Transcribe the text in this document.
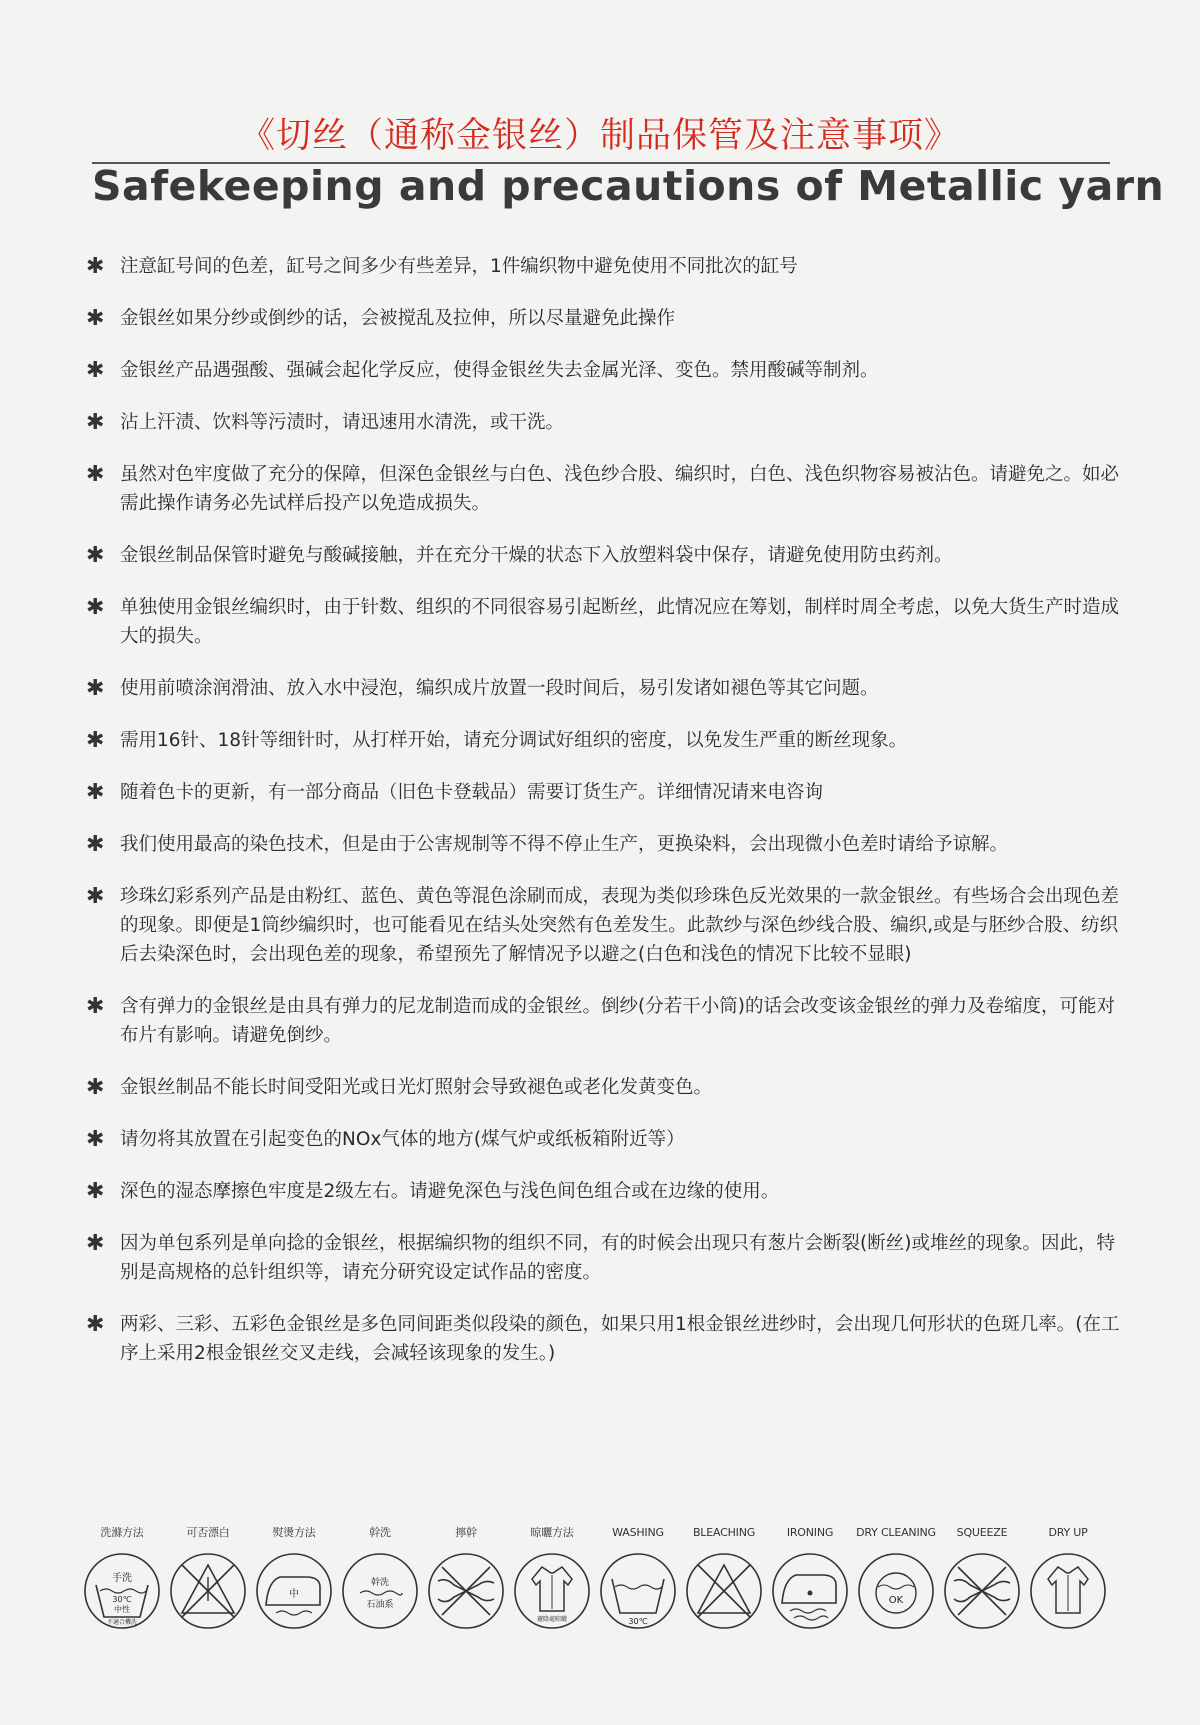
《切丝（通称金银丝）制品保管及注意事项》
Safekeeping and precautions of Metallic yarn
✱ 注意缸号间的色差，缸号之间多少有些差异，1件编织物中避免使用不同批次的缸号
✱ 金银丝如果分纱或倒纱的话，会被搅乱及拉伸，所以尽量避免此操作
✱ 金银丝产品遇强酸、强碱会起化学反应，使得金银丝失去金属光泽、变色。禁用酸碱等制剂。
✱ 沾上汗渍、饮料等污渍时，请迅速用水清洗，或干洗。
✱ 虽然对色牢度做了充分的保障，但深色金银丝与白色、浅色纱合股、编织时，白色、浅色织物容易被沾色。请避免之。如必需此操作请务必先试样后投产以免造成损失。
✱ 金银丝制品保管时避免与酸碱接触，并在充分干燥的状态下入放塑料袋中保存，请避免使用防虫药剂。
✱ 单独使用金银丝编织时，由于针数、组织的不同很容易引起断丝，此情况应在筹划，制样时周全考虑，以免大货生产时造成大的损失。
✱ 使用前喷涂润滑油、放入水中浸泡，编织成片放置一段时间后，易引发诸如褪色等其它问题。
✱ 需用16针、18针等细针时，从打样开始，请充分调试好组织的密度，以免发生严重的断丝现象。
✱ 随着色卡的更新，有一部分商品（旧色卡登载品）需要订货生产。详细情况请来电咨询
✱ 我们使用最高的染色技术，但是由于公害规制等不得不停止生产，更换染料，会出现微小色差时请给予谅解。
✱ 珍珠幻彩系列产品是由粉红、蓝色、黄色等混色涂刷而成，表现为类似珍珠色反光效果的一款金银丝。有些场合会出现色差的现象。即便是1筒纱编织时，也可能看见在结头处突然有色差发生。此款纱与深色纱线合股、编织,或是与胚纱合股、纺织后去染深色时，会出现色差的现象，希望预先了解情况予以避之(白色和浅色的情况下比较不显眼)
✱ 含有弹力的金银丝是由具有弹力的尼龙制造而成的金银丝。倒纱(分若干小筒)的话会改变该金银丝的弹力及卷缩度，可能对布片有影响。请避免倒纱。
✱ 金银丝制品不能长时间受阳光或日光灯照射会导致褪色或老化发黄变色。
✱ 请勿将其放置在引起变色的NOx气体的地方(煤气炉或纸板箱附近等）
✱ 深色的湿态摩擦色牢度是2级左右。请避免深色与浅色间色组合或在边缘的使用。
✱ 因为单包系列是单向捻的金银丝，根据编织物的组织不同，有的时候会出现只有葱片会断裂(断丝)或堆丝的现象。因此，特别是高规格的总针组织等，请充分研究设定试作品的密度。
✱ 两彩、三彩、五彩色金银丝是多色同间距类似段染的颜色，如果只用1根金银丝进纱时，会出现几何形状的色斑几率。(在工序上采用2根金银丝交叉走线，会减轻该现象的发生。)
洗滌方法
手洗
30℃
中性
不適合機洗
可否漂白	熨燙方法
中
幹洗
幹洗
石油系
擰幹	晾曬方法
避陰處晾曬
WASHING
30℃
BLEACHING	IRONING	DRY CLEANING
OK
SQUEEZE	DRY UP
